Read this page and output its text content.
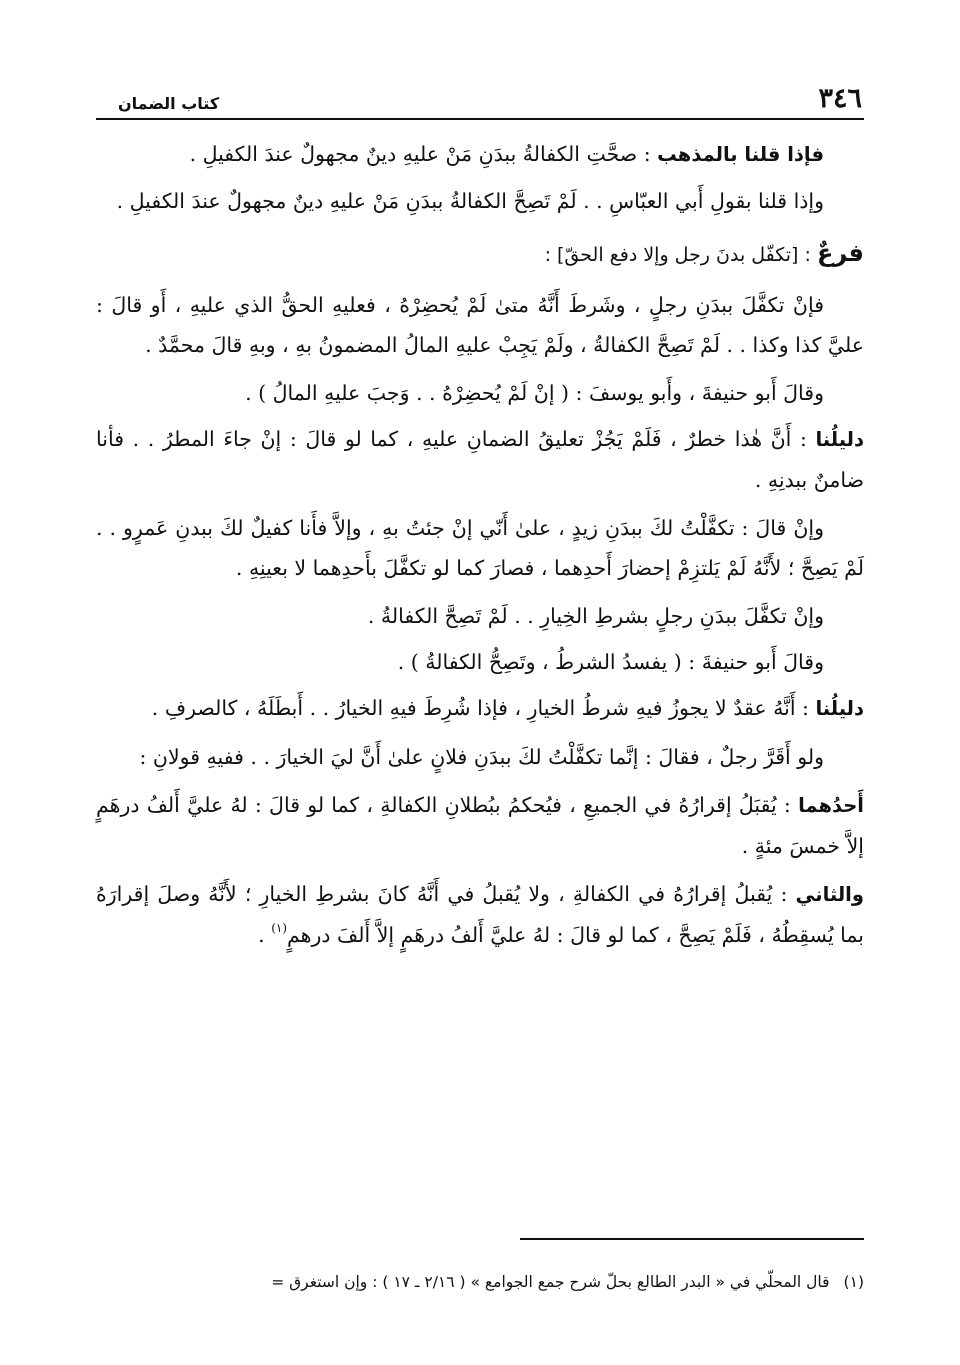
٣٤٦
كتاب الضمان

فإذا قلنا بالمذهب : صحَّتِ الكفالةُ ببدَنِ مَنْ عليهِ دينٌ مجهولٌ عندَ الكفيلِ .

وإذا قلنا بقولِ أَبي العبّاسِ . . لَمْ تَصِحَّ الكفالةُ ببدَنِ مَنْ عليهِ دينٌ مجهولٌ عندَ الكفيلِ .

فرعٌ : [تكفّل بدنَ رجل وإلا دفع الحقّ] :

فإنْ تكفَّلَ ببدَنِ رجلٍ ، وشَرطَ أَنَّهُ متىٰ لَمْ يُحضِرْهُ ، فعليهِ الحقُّ الذي عليهِ ، أَو قالَ : عليَّ كذا وكذا . . لَمْ تَصِحَّ الكفالةُ ، ولَمْ يَجِبْ عليهِ المالُ المضمونُ بهِ ، وبهِ قالَ محمَّدٌ .

وقالَ أَبو حنيفةَ ، وأَبو يوسفَ : ( إنْ لَمْ يُحضِرْهُ . . وَجبَ عليهِ المالُ ) .

دليلُنا : أَنَّ هٰذا خطرٌ ، فَلَمْ يَجُزْ تعليقُ الضمانِ عليهِ ، كما لو قالَ : إنْ جاءَ المطرُ . . فأنا ضامنٌ ببدنِهِ .

وإنْ قالَ : تكفَّلْتُ لكَ ببدَنِ زيدٍ ، علىٰ أَنّي إنْ جئتُ بهِ ، وإلاَّ فأَنا كفيلٌ لكَ ببدنِ عَمرٍو . . لَمْ يَصِحَّ ؛ لأَنَّهُ لَمْ يَلتزِمْ إحضارَ أَحدِهما ، فصارَ كما لو تكفَّلَ بأَحدِهما لا بعينِهِ .

وإنْ تكفَّلَ ببدَنِ رجلٍ بشرطِ الخِيارِ . . لَمْ تَصِحَّ الكفالةُ .

وقالَ أَبو حنيفةَ : ( يفسدُ الشرطُ ، وتَصِحُّ الكفالةُ ) .

دليلُنا : أَنَّهُ عقدٌ لا يجوزُ فيهِ شرطُ الخيارِ ، فإذا شُرِطَ فيهِ الخيارُ . . أَبطَلَهُ ، كالصرفِ .

ولو أَقَرَّ رجلٌ ، فقالَ : إنَّما تكفَّلْتُ لكَ ببدَنِ فلانٍ علىٰ أَنَّ ليَ الخيارَ . . ففيهِ قولانِ :

أَحدُهما : يُقبَلُ إقرارُهُ في الجميعِ ، فيُحكمُ ببُطلانِ الكفالةِ ، كما لو قالَ : لهُ عليَّ أَلفُ درهَمٍ إلاَّ خمسَ مئةٍ .

والثاني : يُقبلُ إقرارُهُ في الكفالةِ ، ولا يُقبلُ في أَنَّهُ كانَ بشرطِ الخيارِ ؛ لأَنَّهُ وصلَ إقرارَهُ بما يُسقِطُهُ ، فَلَمْ يَصِحَّ ، كما لو قالَ : لهُ عليَّ أَلفُ درهَمٍ إلاَّ أَلفَ درهمٍ$^{(١)}$ .

(١)قال المحلّي في « البدر الطالع بحلّ شرح جمع الجوامع » ( ٢/١٦ ـ ١٧ ) : وإن استغرق =
